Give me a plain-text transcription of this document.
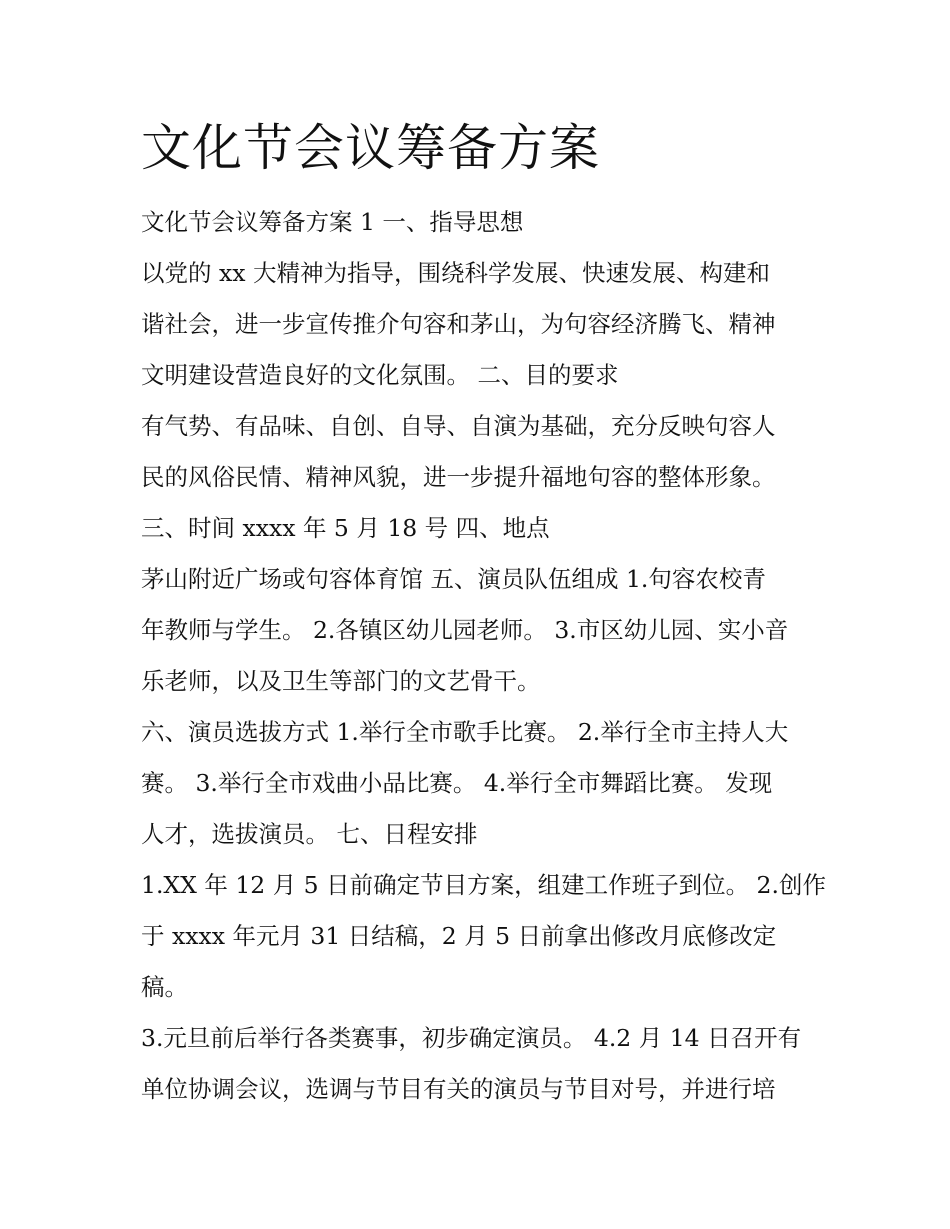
文化节会议筹备方案
文化节会议筹备方案 1 一、指导思想
以党的 xx 大精神为指导，围绕科学发展、快速发展、构建和
谐社会，进一步宣传推介句容和茅山，为句容经济腾飞、精神
文明建设营造良好的文化氛围。 二、目的要求
有气势、有品味、自创、自导、自演为基础，充分反映句容人
民的风俗民情、精神风貌，进一步提升福地句容的整体形象。
三、时间 xxxx 年 5 月 18 号 四、地点
茅山附近广场或句容体育馆 五、演员队伍组成 1.句容农校青
年教师与学生。 2.各镇区幼儿园老师。 3.市区幼儿园、实小音
乐老师，以及卫生等部门的文艺骨干。
六、演员选拔方式 1.举行全市歌手比赛。 2.举行全市主持人大
赛。 3.举行全市戏曲小品比赛。 4.举行全市舞蹈比赛。 发现
人才，选拔演员。 七、日程安排
1.XX 年 12 月 5 日前确定节目方案，组建工作班子到位。 2.创作
于 xxxx 年元月 31 日结稿，2 月 5 日前拿出修改月底修改定
稿。
3.元旦前后举行各类赛事，初步确定演员。 4.2 月 14 日召开有
单位协调会议，选调与节目有关的演员与节目对号，并进行培
